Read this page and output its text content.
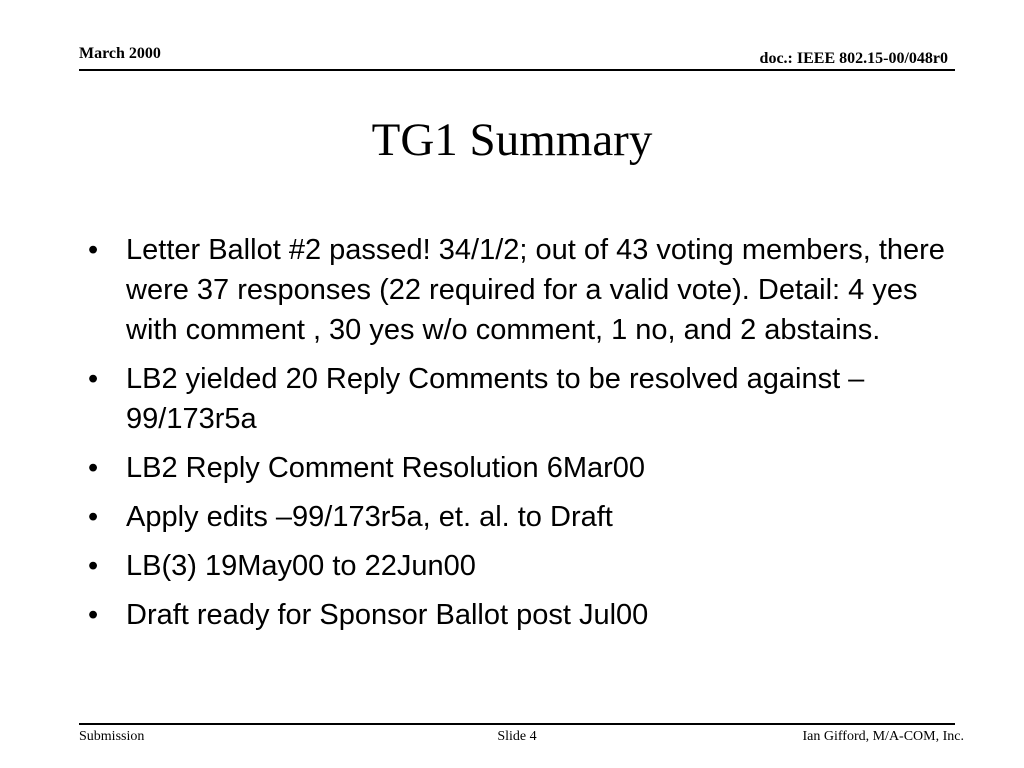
March 2000	doc.: IEEE 802.15-00/048r0
TG1 Summary
• Letter Ballot #2 passed! 34/1/2; out of 43 voting members, there were 37 responses (22 required for a valid vote). Detail: 4 yes with comment , 30 yes w/o comment, 1 no, and 2 abstains.
• LB2 yielded 20 Reply Comments to be resolved against –99/173r5a
• LB2 Reply Comment Resolution 6Mar00
• Apply edits –99/173r5a, et. al. to Draft
• LB(3) 19May00 to 22Jun00
• Draft ready for Sponsor Ballot post Jul00
Submission	Slide 4	Ian Gifford, M/A-COM, Inc.
